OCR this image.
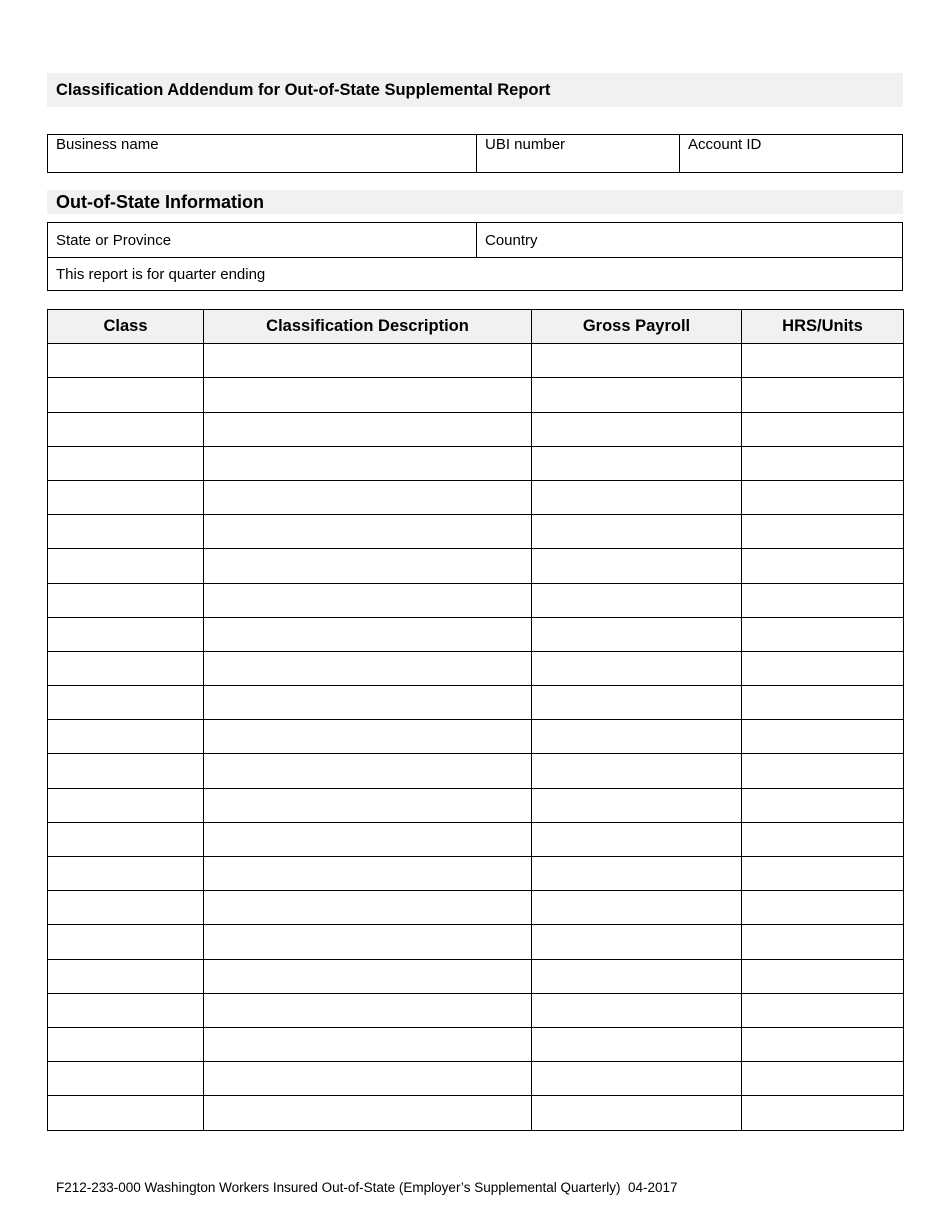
Classification Addendum for Out-of-State Supplemental Report
Business name	UBI number	Account ID
Out-of-State Information
State or Province	Country
This report is for quarter ending
Class	Classification Description	Gross Payroll	HRS/Units

F212-233-000 Washington Workers Insured Out-of-State (Employer’s Supplemental Quarterly)  04-2017
